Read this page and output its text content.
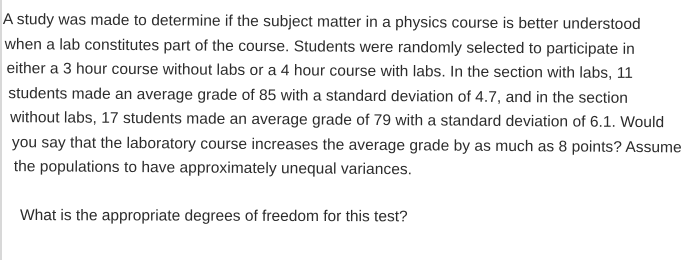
A study was made to determine if the subject matter in a physics course is better understood
when a lab constitutes part of the course. Students were randomly selected to participate in
either a 3 hour course without labs or a 4 hour course with labs. In the section with labs, 11
students made an average grade of 85 with a standard deviation of 4.7, and in the section
without labs, 17 students made an average grade of 79 with a standard deviation of 6.1. Would
you say that the laboratory course increases the average grade by as much as 8 points? Assume
the populations to have approximately unequal variances.
What is the appropriate degrees of freedom for this test?
